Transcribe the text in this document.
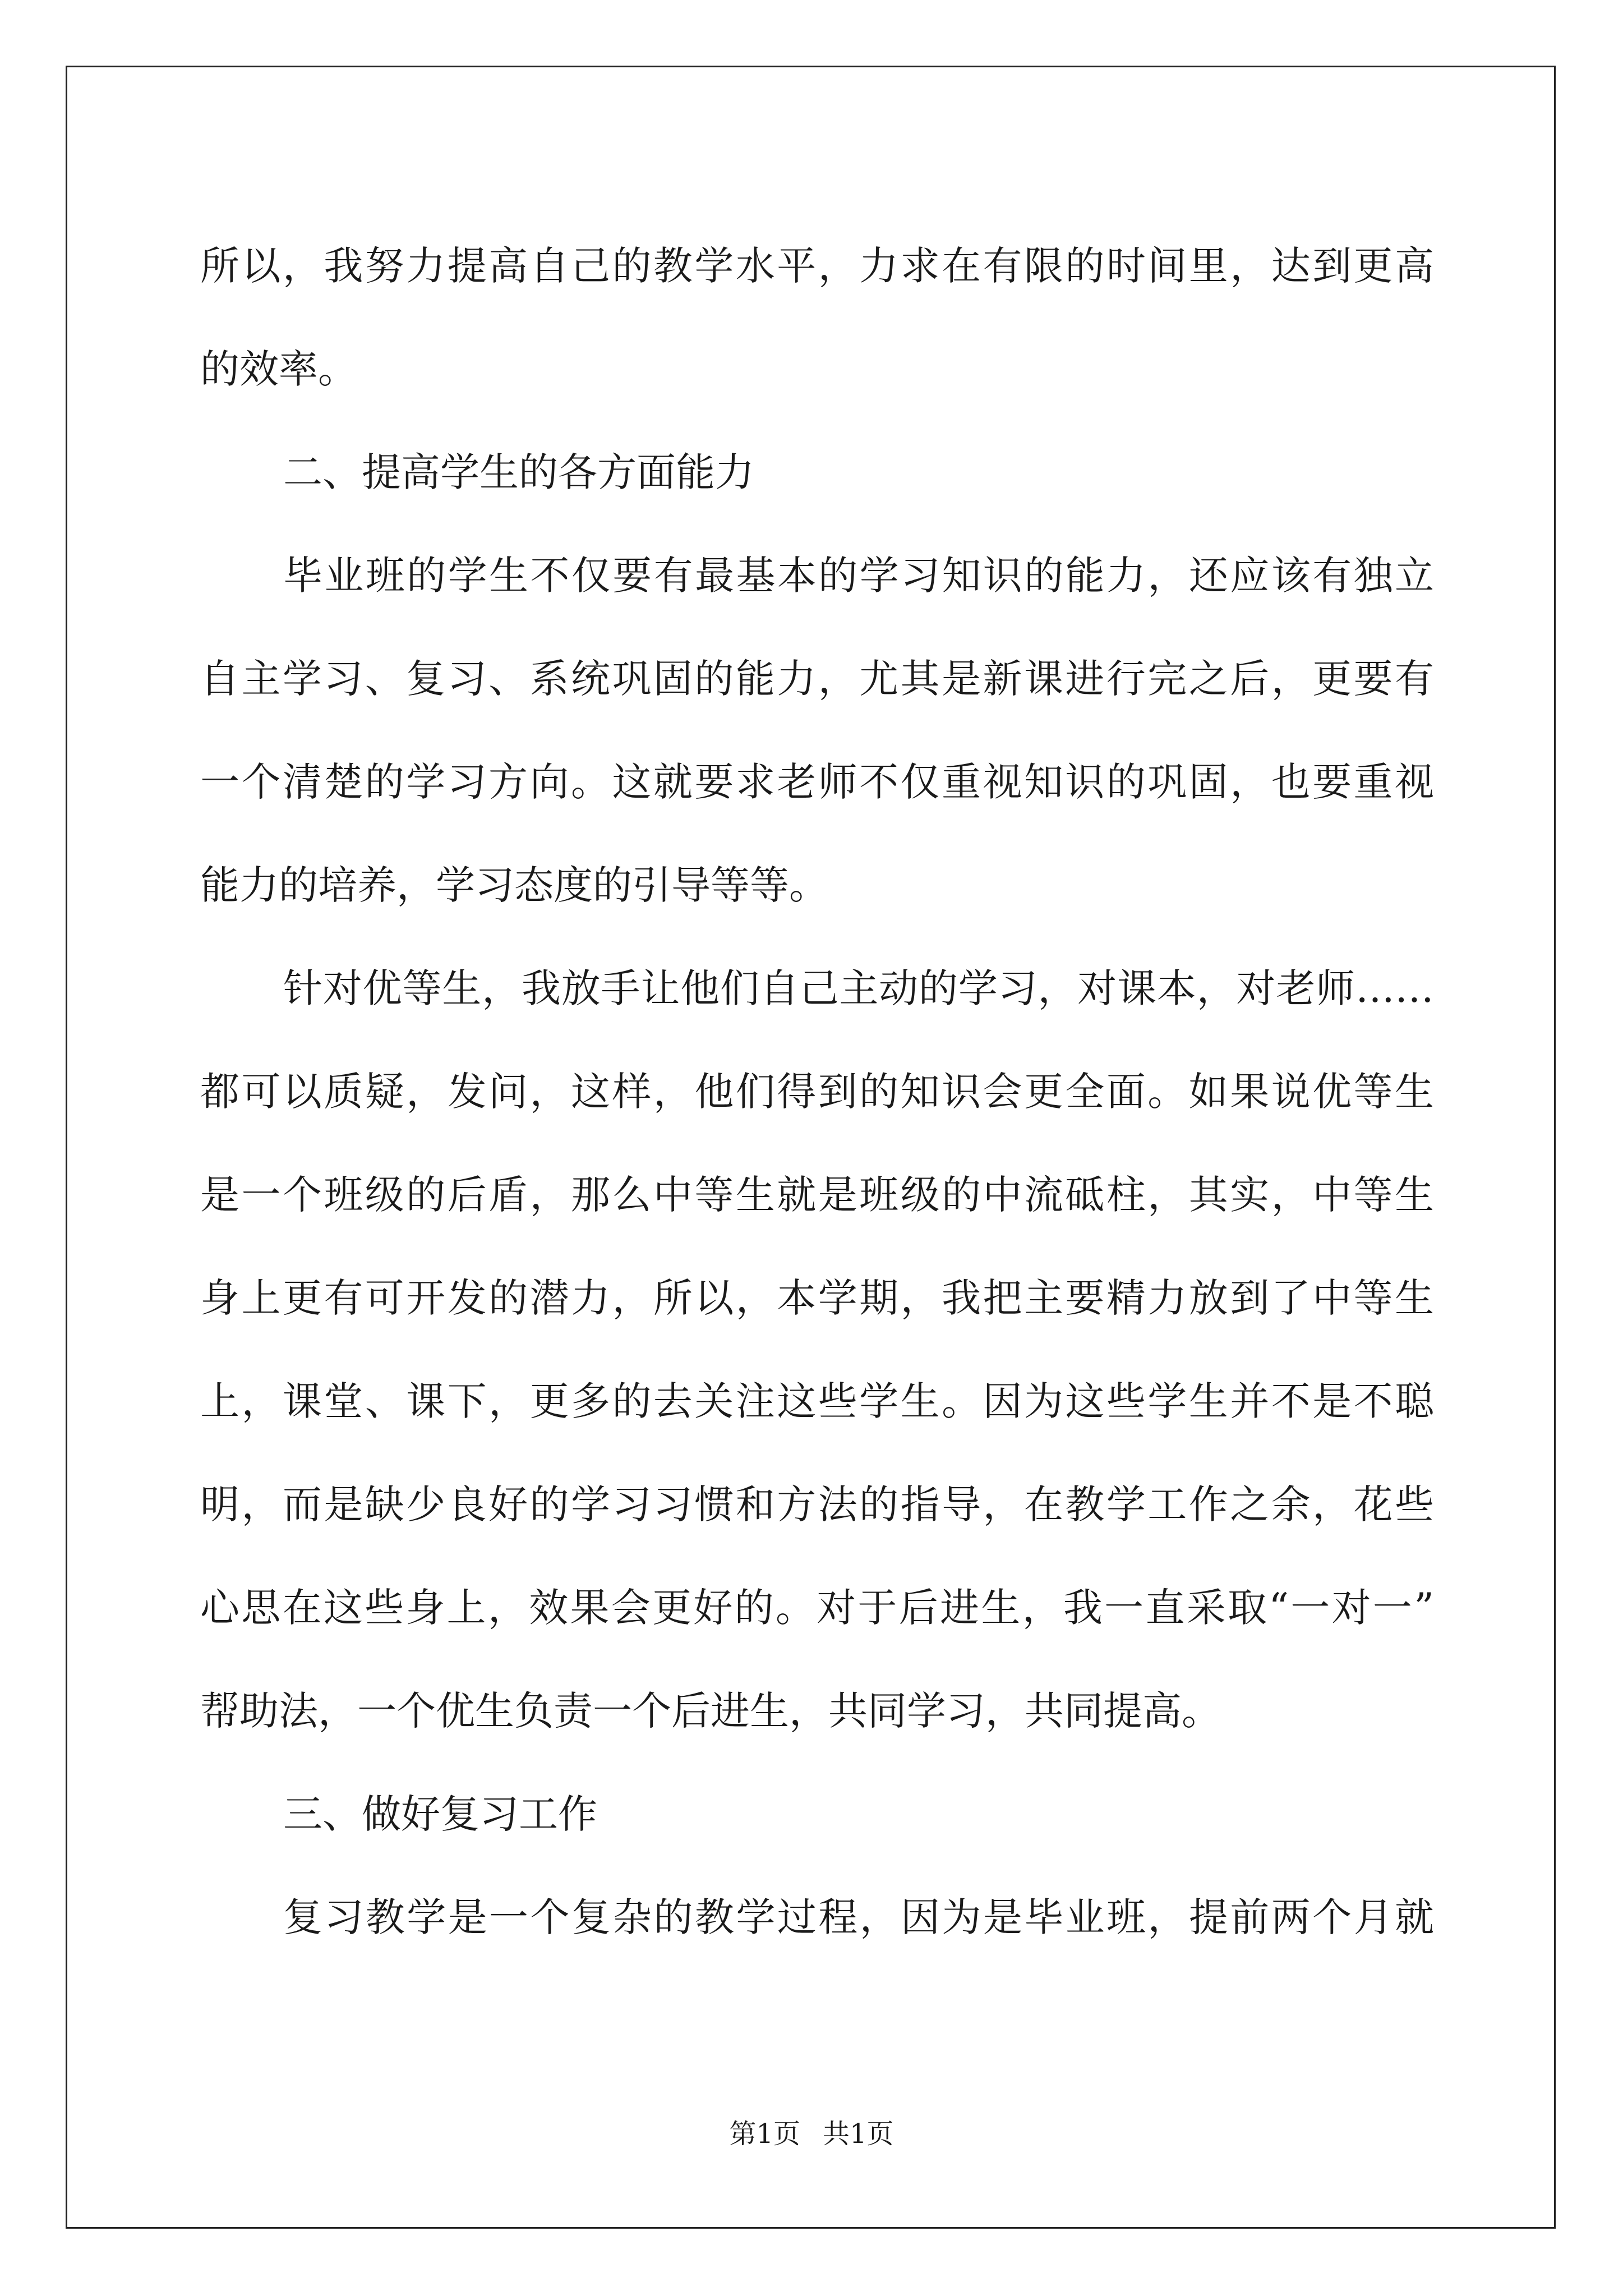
所以，我努力提高自己的教学水平，力求在有限的时间里，达到更高
的效率。
二、提高学生的各方面能力
毕业班的学生不仅要有最基本的学习知识的能力，还应该有独立
自主学习、复习、系统巩固的能力，尤其是新课进行完之后，更要有
一个清楚的学习方向。这就要求老师不仅重视知识的巩固，也要重视
能力的培养，学习态度的引导等等。
针对优等生，我放手让他们自己主动的学习，对课本，对老师……
都可以质疑，发问，这样，他们得到的知识会更全面。如果说优等生
是一个班级的后盾，那么中等生就是班级的中流砥柱，其实，中等生
身上更有可开发的潜力，所以，本学期，我把主要精力放到了中等生
上，课堂、课下，更多的去关注这些学生。因为这些学生并不是不聪
明，而是缺少良好的学习习惯和方法的指导，在教学工作之余，花些
心思在这些身上，效果会更好的。对于后进生，我一直采取“一对一”
帮助法，一个优生负责一个后进生，共同学习，共同提高。
三、做好复习工作
复习教学是一个复杂的教学过程，因为是毕业班，提前两个月就
第1页 共1页
